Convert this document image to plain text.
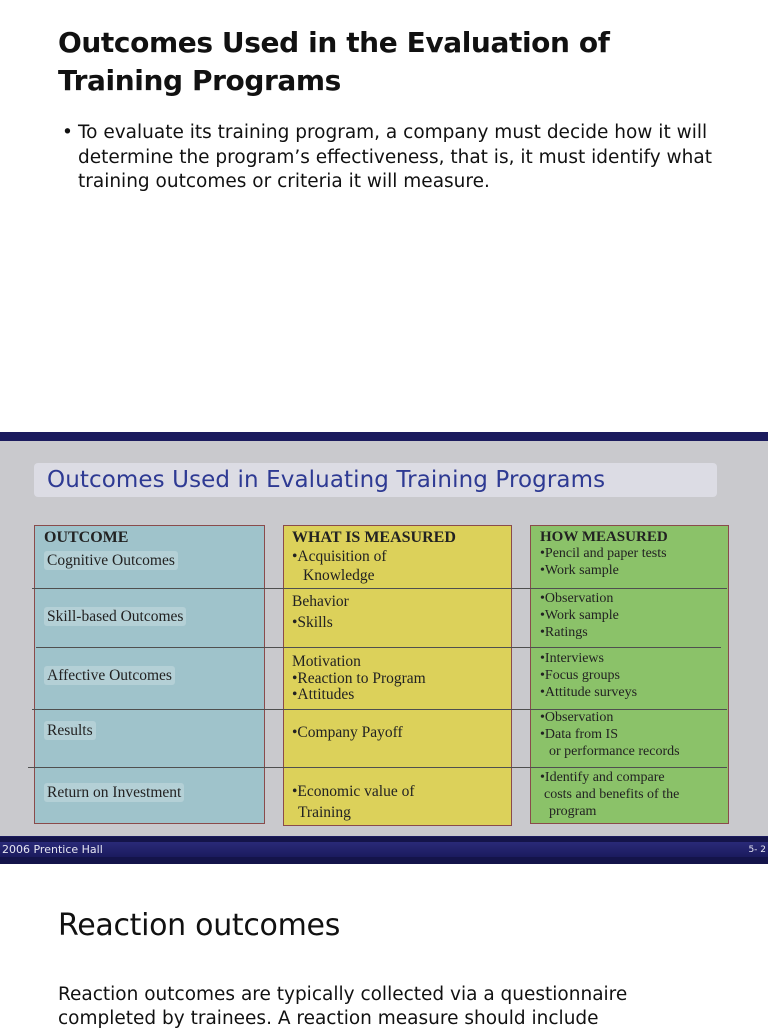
Outcomes Used in the Evaluation of Training Programs
• To evaluate its training program, a company must decide how it will determine the program’s effectiveness, that is, it must identify what training outcomes or criteria it will measure.
Outcomes Used in Evaluating Training Programs
OUTCOME
Cognitive Outcomes
Skill-based Outcomes
Affective Outcomes
Results
Return on Investment
WHAT IS MEASURED
•Acquisition of
Knowledge
Behavior
•Skills
Motivation
•Reaction to Program
•Attitudes
•Company Payoff
•Economic value of
Training
HOW MEASURED
•Pencil and paper tests
•Work sample
•Observation
•Work sample
•Ratings
•Interviews
•Focus groups
•Attitude surveys
•Observation
•Data from IS
or performance records
•Identify and compare
costs and benefits of the
program
2006 Prentice Hall	5- 2
Reaction outcomes

Reaction outcomes are typically collected via a questionnaire completed by trainees. A reaction measure should include
